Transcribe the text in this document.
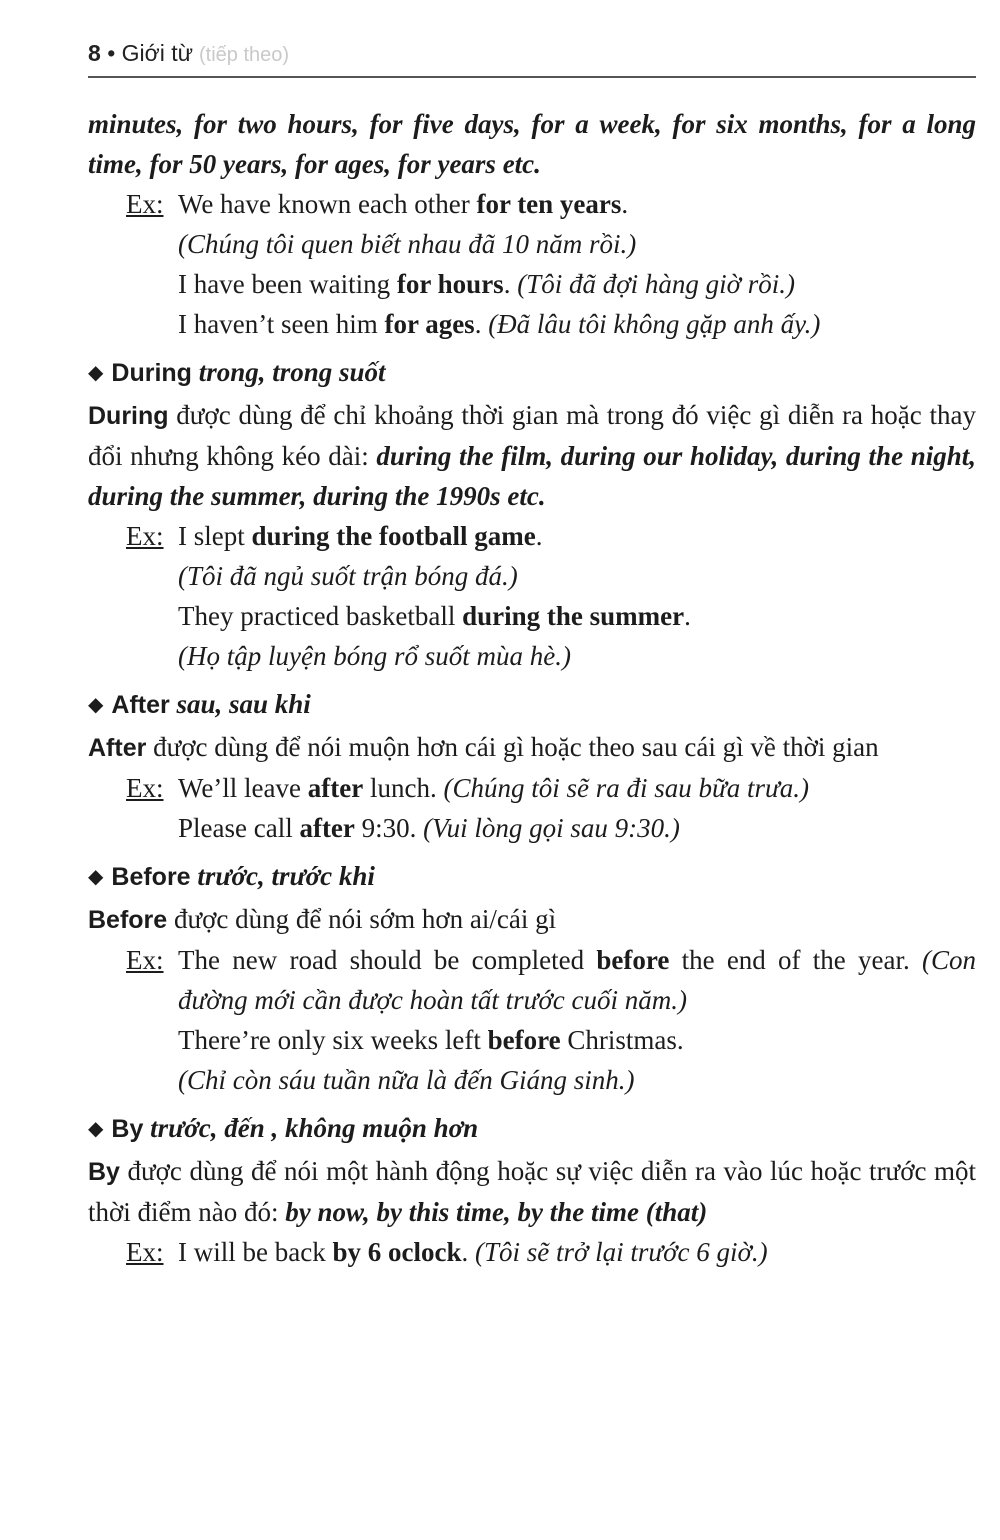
8 • Giới từ (tiếp theo)
minutes, for two hours, for five days, for a week, for six months, for a long time, for 50 years, for ages, for years etc.
Ex: We have known each other for ten years.
(Chúng tôi quen biết nhau đã 10 năm rồi.)
I have been waiting for hours. (Tôi đã đợi hàng giờ rồi.)
I haven’t seen him for ages. (Đã lâu tôi không gặp anh ấy.)
◆ During trong, trong suốt
During được dùng để chỉ khoảng thời gian mà trong đó việc gì diễn ra hoặc thay đổi nhưng không kéo dài: during the film, during our holiday, during the night, during the summer, during the 1990s etc.
Ex: I slept during the football game.
(Tôi đã ngủ suốt trận bóng đá.)
They practiced basketball during the summer.
(Họ tập luyện bóng rổ suốt mùa hè.)
◆ After sau, sau khi
After được dùng để nói muộn hơn cái gì hoặc theo sau cái gì về thời gian
Ex: We’ll leave after lunch. (Chúng tôi sẽ ra đi sau bữa trưa.)
Please call after 9:30. (Vui lòng gọi sau 9:30.)
◆ Before trước, trước khi
Before được dùng để nói sớm hơn ai/cái gì
Ex: The new road should be completed before the end of the year. (Con đường mới cần được hoàn tất trước cuối năm.)
There’re only six weeks left before Christmas.
(Chỉ còn sáu tuần nữa là đến Giáng sinh.)
◆ By trước, đến , không muộn hơn
By được dùng để nói một hành động hoặc sự việc diễn ra vào lúc hoặc trước một thời điểm nào đó: by now, by this time, by the time (that)
Ex: I will be back by 6 oclock. (Tôi sẽ trở lại trước 6 giờ.)
